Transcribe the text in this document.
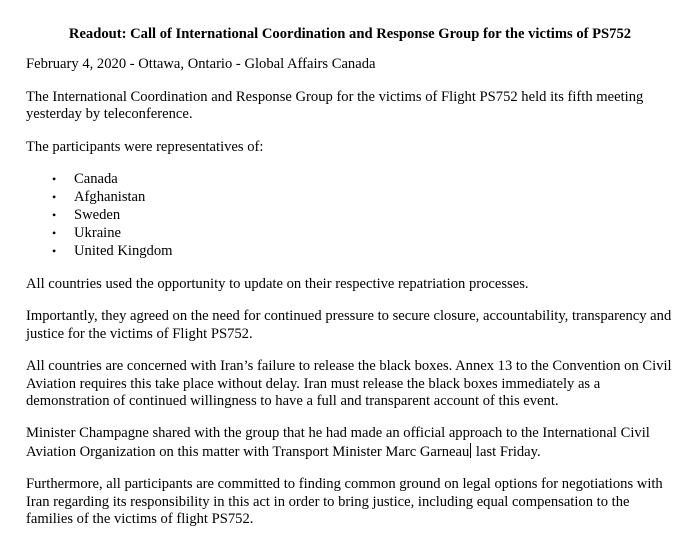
Readout: Call of International Coordination and Response Group for the victims of PS752

February 4, 2020 - Ottawa, Ontario - Global Affairs Canada

The International Coordination and Response Group for the victims of Flight PS752 held its fifth meeting yesterday by teleconference.

The participants were representatives of:

• Canada
• Afghanistan
• Sweden
• Ukraine
• United Kingdom

All countries used the opportunity to update on their respective repatriation processes.

Importantly, they agreed on the need for continued pressure to secure closure, accountability, transparency and justice for the victims of Flight PS752.

All countries are concerned with Iran’s failure to release the black boxes. Annex 13 to the Convention on Civil Aviation requires this take place without delay. Iran must release the black boxes immediately as a demonstration of continued willingness to have a full and transparent account of this event.

Minister Champagne shared with the group that he had made an official approach to the International Civil Aviation Organization on this matter with Transport Minister Marc Garneau last Friday.

Furthermore, all participants are committed to finding common ground on legal options for negotiations with Iran regarding its responsibility in this act in order to bring justice, including equal compensation to the families of the victims of flight PS752.
